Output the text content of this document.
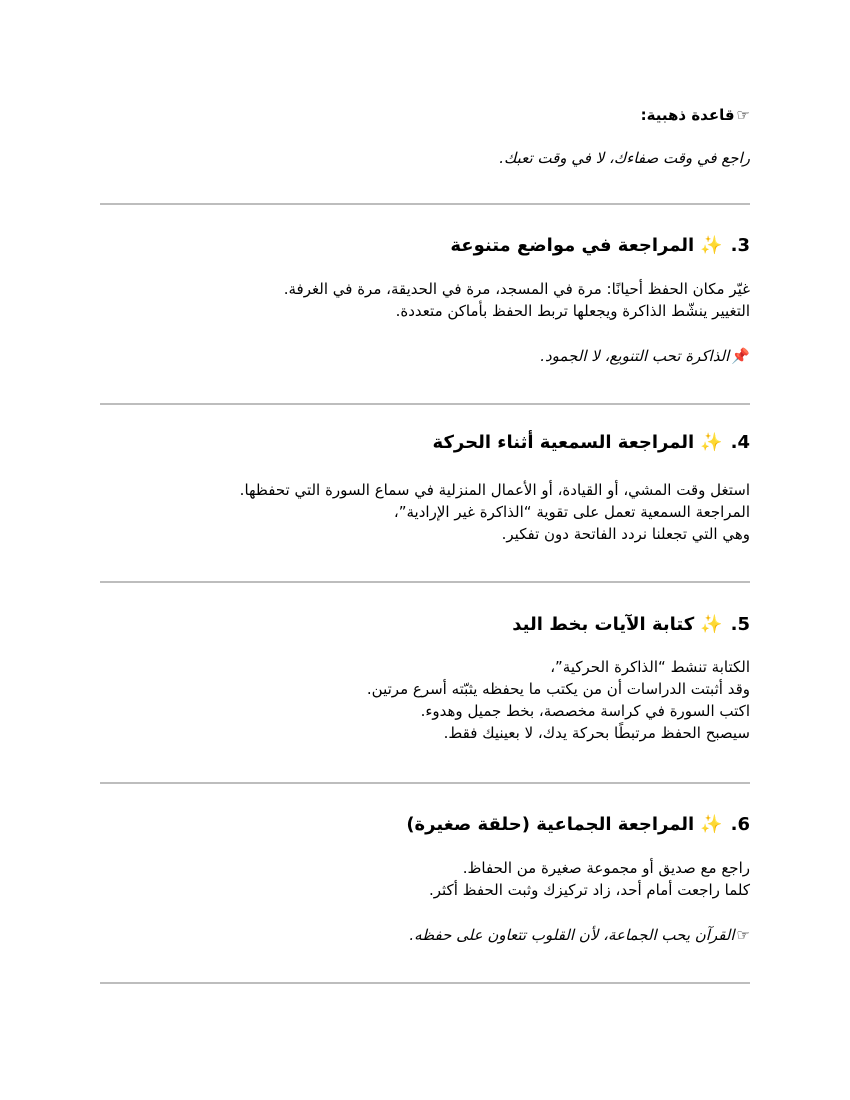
☞قاعدة ذهبية:
راجع في وقت صفاءك، لا في وقت تعبك.
3.✨المراجعة في مواضع متنوعة
غيّر مكان الحفظ أحيانًا: مرة في المسجد، مرة في الحديقة، مرة في الغرفة.
التغيير ينشّط الذاكرة ويجعلها تربط الحفظ بأماكن متعددة.
📌الذاكرة تحب التنويع، لا الجمود.
4.✨المراجعة السمعية أثناء الحركة
استغل وقت المشي، أو القيادة، أو الأعمال المنزلية في سماع السورة التي تحفظها.
المراجعة السمعية تعمل على تقوية “الذاكرة غير الإرادية”،
وهي التي تجعلنا نردد الفاتحة دون تفكير.
5.✨كتابة الآيات بخط اليد
الكتابة تنشط “الذاكرة الحركية”،
وقد أثبتت الدراسات أن من يكتب ما يحفظه يثبّته أسرع مرتين.
اكتب السورة في كراسة مخصصة، بخط جميل وهدوء.
سيصبح الحفظ مرتبطًا بحركة يدك، لا بعينيك فقط.
6.✨المراجعة الجماعية (حلقة صغيرة)
راجع مع صديق أو مجموعة صغيرة من الحفاظ.
كلما راجعت أمام أحد، زاد تركيزك وثبت الحفظ أكثر.
☞القرآن يحب الجماعة، لأن القلوب تتعاون على حفظه.
